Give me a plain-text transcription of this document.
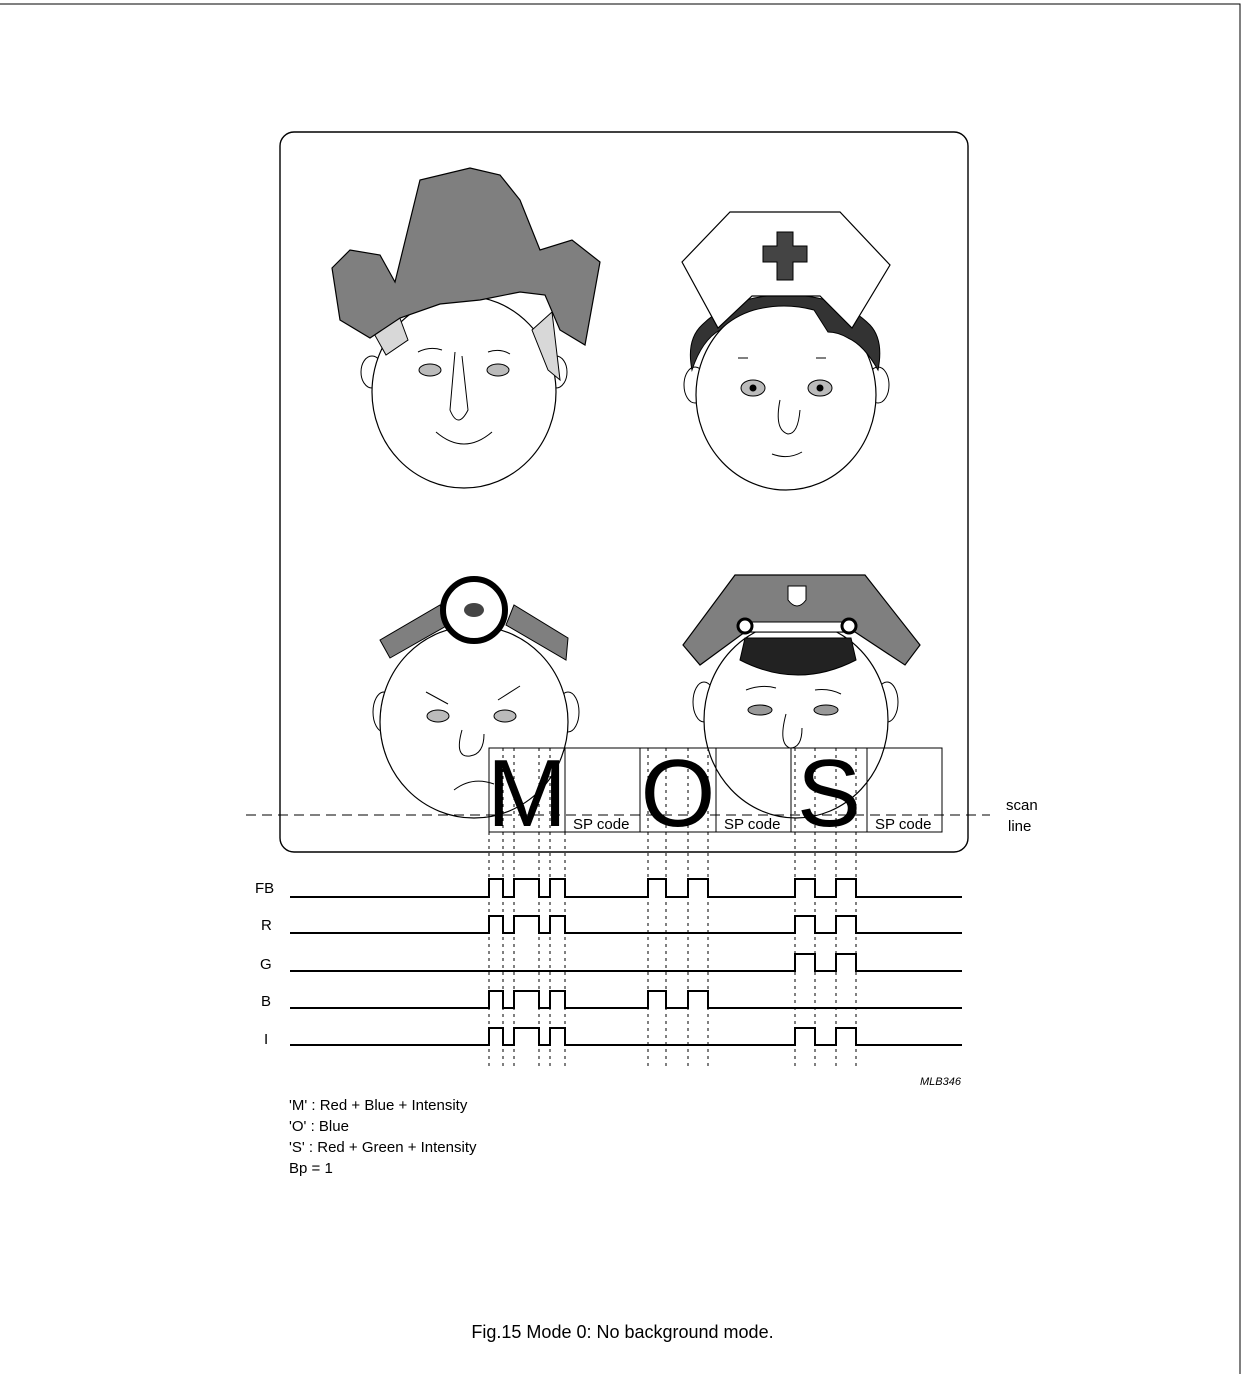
M O S
SP code	SP code	SP code
scan
line
FB
R
G
B
I
MLB346
'M' : Red + Blue + Intensity
'O' : Blue
'S' : Red + Green + Intensity
Bp = 1
Fig.15 Mode 0: No background mode.
